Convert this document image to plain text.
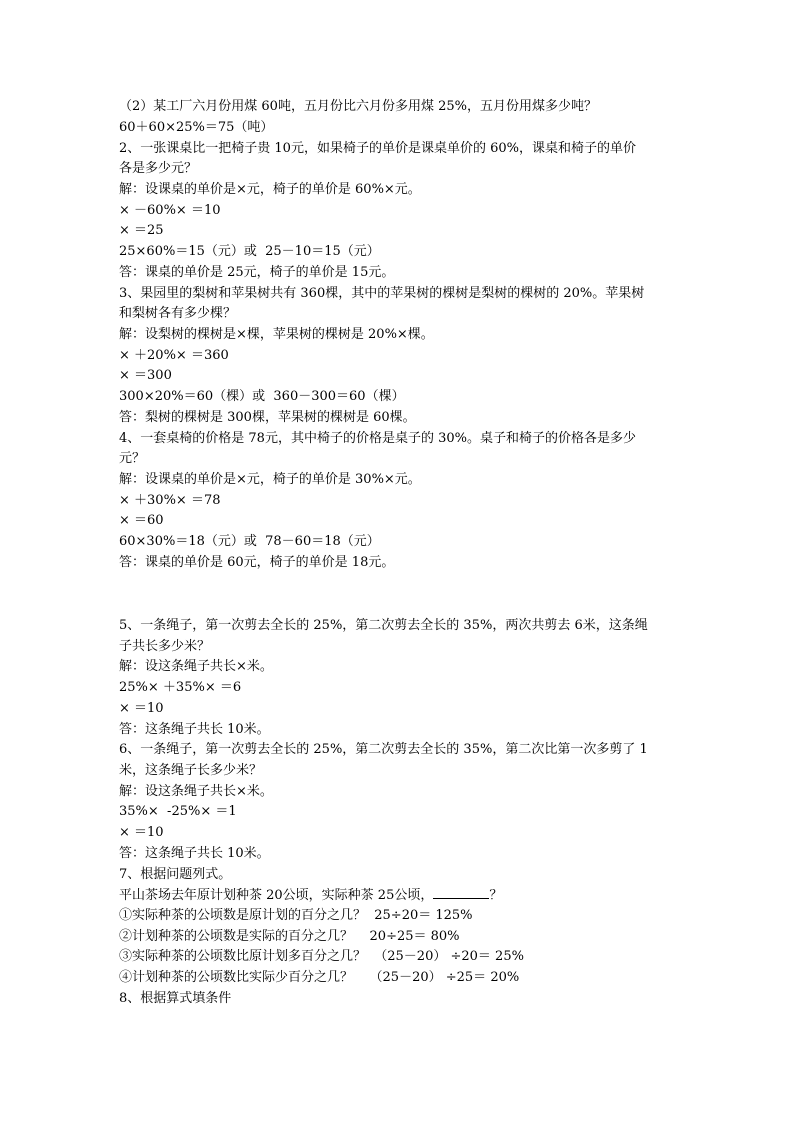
（2）某工厂六月份用煤 60吨，五月份比六月份多用煤 25%，五月份用煤多少吨？
60＋60×25%＝75（吨）
2、一张课桌比一把椅子贵 10元，如果椅子的单价是课桌单价的 60%，课桌和椅子的单价
各是多少元？
解：设课桌的单价是×元，椅子的单价是 60%×元。
× －60%× ＝10
× ＝25
25×60%＝15（元）或  25－10＝15（元）
答：课桌的单价是 25元，椅子的单价是 15元。
3、果园里的梨树和苹果树共有 360棵，其中的苹果树的棵树是梨树的棵树的 20%。苹果树
和梨树各有多少棵？
解：设梨树的棵树是×棵，苹果树的棵树是 20%×棵。
× ＋20%× ＝360
× ＝300
300×20%＝60（棵）或  360－300＝60（棵）
答：梨树的棵树是 300棵，苹果树的棵树是 60棵。
4、一套桌椅的价格是 78元，其中椅子的价格是桌子的 30%。桌子和椅子的价格各是多少
元？
解：设课桌的单价是×元，椅子的单价是 30%×元。
× ＋30%× ＝78
× ＝60
60×30%＝18（元）或  78－60＝18（元）
答：课桌的单价是 60元，椅子的单价是 18元。
5、一条绳子，第一次剪去全长的 25%，第二次剪去全长的 35%，两次共剪去 6米，这条绳
子共长多少米？
解：设这条绳子共长×米。
25%× ＋35%× ＝6
× ＝10
答：这条绳子共长 10米。
6、一条绳子，第一次剪去全长的 25%，第二次剪去全长的 35%，第二次比第一次多剪了 1
米，这条绳子长多少米？
解：设这条绳子共长×米。
35%×  -25%× ＝1
× ＝10
答：这条绳子共长 10米。
7、根据问题列式。
平山茶场去年原计划种茶 20公顷，实际种茶 25公顷，	？
①实际种茶的公顷数是原计划的百分之几？  25÷20＝ 125%
②计划种茶的公顷数是实际的百分之几？    20÷25＝ 80%
③实际种茶的公顷数比原计划多百分之几？  （25－20） ÷20＝ 25%
④计划种茶的公顷数比实际少百分之几？    （25－20） ÷25＝ 20%
8、根据算式填条件
